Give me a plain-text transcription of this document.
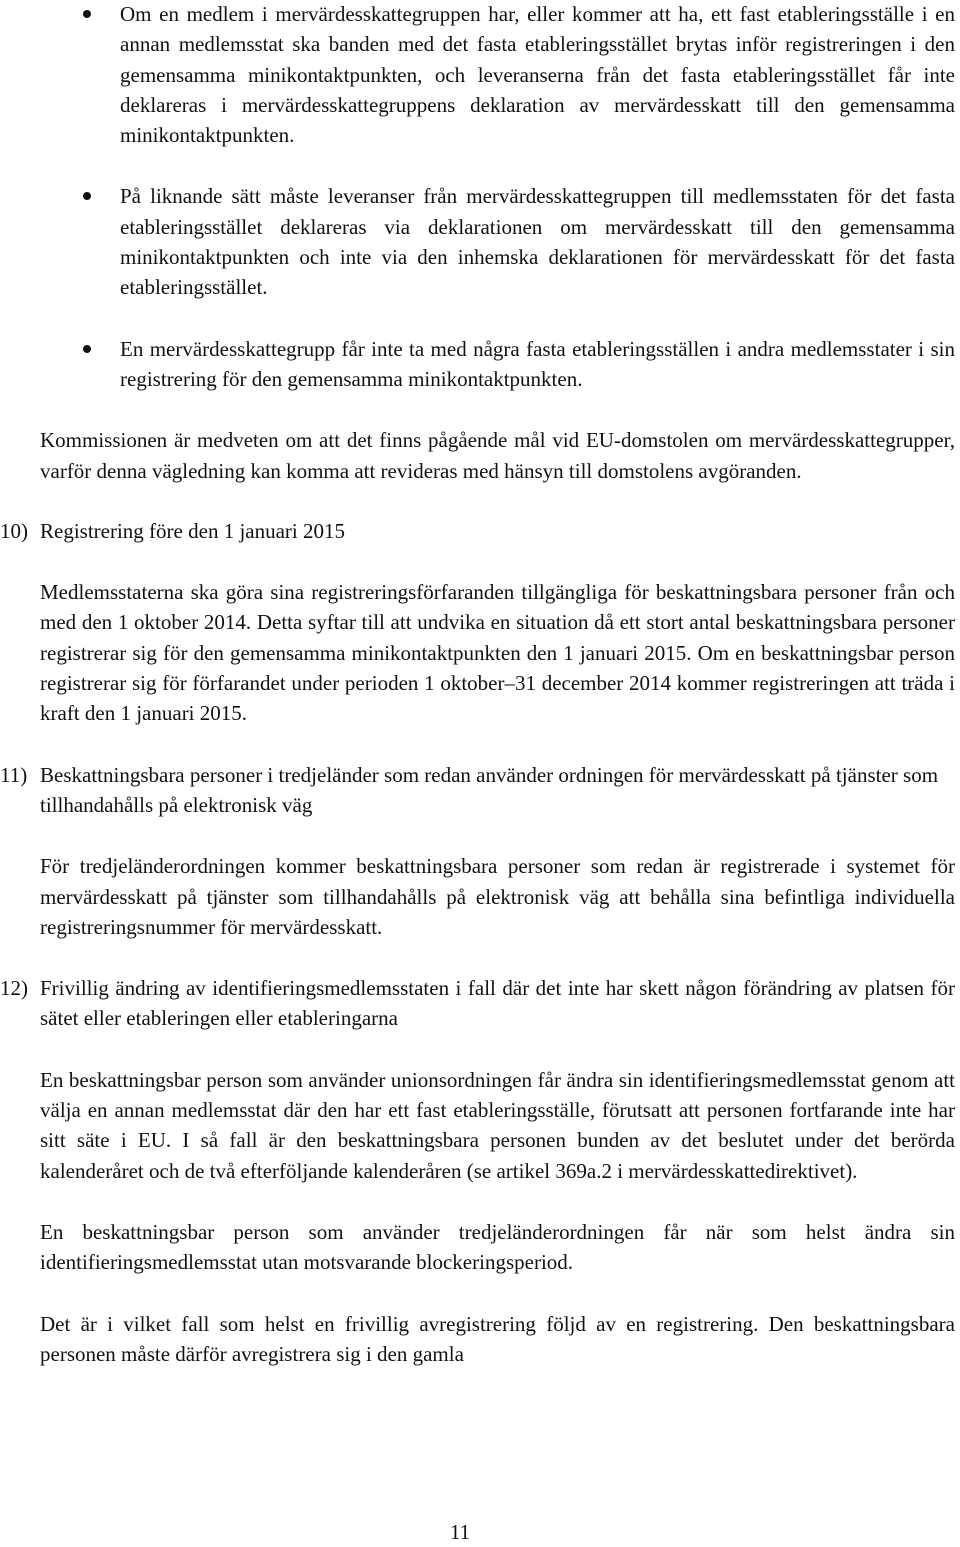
Om en medlem i mervärdesskattegruppen har, eller kommer att ha, ett fast etableringsställe i en annan medlemsstat ska banden med det fasta etableringsstället brytas inför registreringen i den gemensamma minikontaktpunkten, och leveranserna från det fasta etableringsstället får inte deklareras i mervärdesskattegruppens deklaration av mervärdesskatt till den gemensamma minikontaktpunkten.
På liknande sätt måste leveranser från mervärdesskattegruppen till medlemsstaten för det fasta etableringsstället deklareras via deklarationen om mervärdesskatt till den gemensamma minikontaktpunkten och inte via den inhemska deklarationen för mervärdesskatt för det fasta etableringsstället.
En mervärdesskattegrupp får inte ta med några fasta etableringsställen i andra medlemsstater i sin registrering för den gemensamma minikontaktpunkten.

Kommissionen är medveten om att det finns pågående mål vid EU-domstolen om mervärdesskattegrupper, varför denna vägledning kan komma att revideras med hänsyn till domstolens avgöranden.

10) Registrering före den 1 januari 2015

Medlemsstaterna ska göra sina registreringsförfaranden tillgängliga för beskattningsbara personer från och med den 1 oktober 2014. Detta syftar till att undvika en situation då ett stort antal beskattningsbara personer registrerar sig för den gemensamma minikontaktpunkten den 1 januari 2015. Om en beskattningsbar person registrerar sig för förfarandet under perioden 1 oktober–31 december 2014 kommer registreringen att träda i kraft den 1 januari 2015.

11) Beskattningsbara personer i tredjeländer som redan använder ordningen för mervärdesskatt på tjänster som tillhandahålls på elektronisk väg

För tredjeländerordningen kommer beskattningsbara personer som redan är registrerade i systemet för mervärdesskatt på tjänster som tillhandahålls på elektronisk väg att behålla sina befintliga individuella registreringsnummer för mervärdesskatt.

12) Frivillig ändring av identifieringsmedlemsstaten i fall där det inte har skett någon förändring av platsen för sätet eller etableringen eller etableringarna

En beskattningsbar person som använder unionsordningen får ändra sin identifieringsmedlemsstat genom att välja en annan medlemsstat där den har ett fast etableringsställe, förutsatt att personen fortfarande inte har sitt säte i EU. I så fall är den beskattningsbara personen bunden av det beslutet under det berörda kalenderåret och de två efterföljande kalenderåren (se artikel 369a.2 i mervärdesskattedirektivet).

En beskattningsbar person som använder tredjeländerordningen får när som helst ändra sin identifieringsmedlemsstat utan motsvarande blockeringsperiod.

Det är i vilket fall som helst en frivillig avregistrering följd av en registrering. Den beskattningsbara personen måste därför avregistrera sig i den gamla

11
